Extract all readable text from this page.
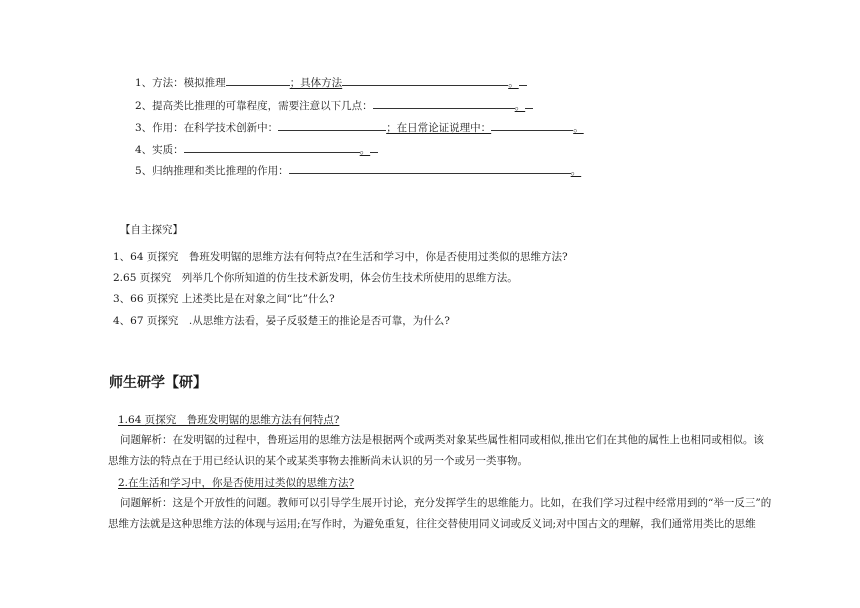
1、方法：模拟推理	；具体方法	。
2、提高类比推理的可靠程度，需要注意以下几点：	。
3、作用：在科学技术创新中：	；在日常论证说理中：	。
4、实质：	。
5、归纳推理和类比推理的作用：	。
【自主探究】
1、64 页探究　鲁班发明锯的思维方法有何特点?在生活和学习中，你是否使用过类似的思维方法?
2.65 页探究　列举几个你所知道的仿生技术新发明，体会仿生技术所使用的思维方法。
3、66 页探究 上述类比是在对象之间“比”什么?
4、67 页探究　.从思维方法看，晏子反驳楚王的推论是否可靠，为什么?
师生研学【研】
1.64 页探究　鲁班发明锯的思维方法有何特点?
问题解析：在发明锯的过程中，鲁班运用的思维方法是根据两个或两类对象某些属性相同或相似,推出它们在其他的属性上也相同或相似。该思维方法的特点在于用已经认识的某个或某类事物去推断尚未认识的另一个或另一类事物。
2.在生活和学习中，你是否使用过类似的思维方法?
问题解析：这是个开放性的问题。教师可以引导学生展开讨论，充分发挥学生的思维能力。比如，在我们学习过程中经常用到的“举一反三”的思维方法就是这种思维方法的体现与运用;在写作时，为避免重复，往往交替使用同义词或反义词;对中国古文的理解，我们通常用类比的思维
